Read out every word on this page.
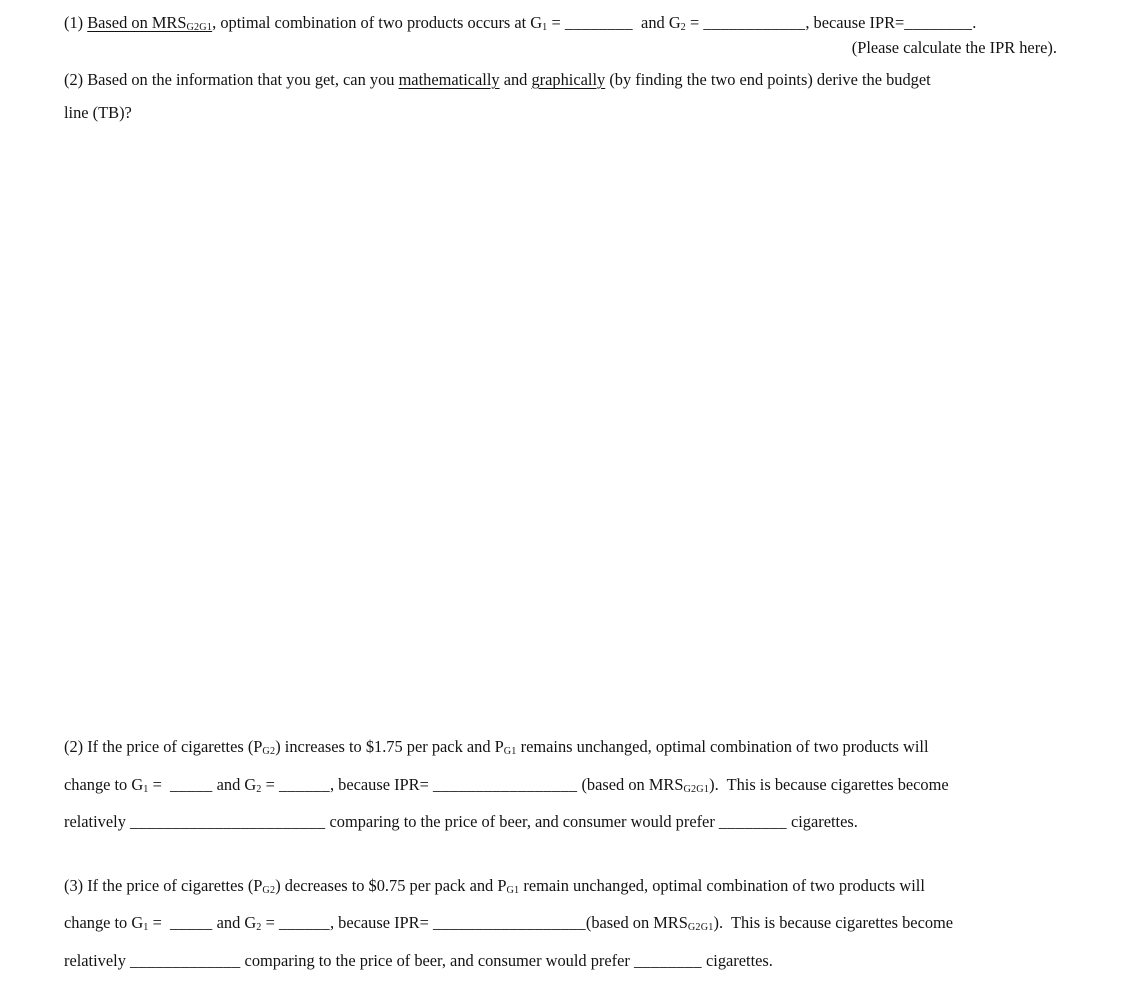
(1) Based on MRSG2G1, optimal combination of two products occurs at G1 = ________  and G2 = ____________, because IPR=________.
(Please calculate the IPR here).
(2) Based on the information that you get, can you mathematically and graphically (by finding the two end points) derive the budget
line (TB)?
(2) If the price of cigarettes (PG2) increases to $1.75 per pack and PG1 remains unchanged, optimal combination of two products will
change to G1 =  _____ and G2 = ______, because IPR= _________________ (based on MRSG2G1).  This is because cigarettes become
relatively _______________________ comparing to the price of beer, and consumer would prefer ________ cigarettes.
(3) If the price of cigarettes (PG2) decreases to $0.75 per pack and PG1 remain unchanged, optimal combination of two products will
change to G1 =  _____ and G2 = ______, because IPR= __________________(based on MRSG2G1).  This is because cigarettes become
relatively _____________ comparing to the price of beer, and consumer would prefer ________ cigarettes.
